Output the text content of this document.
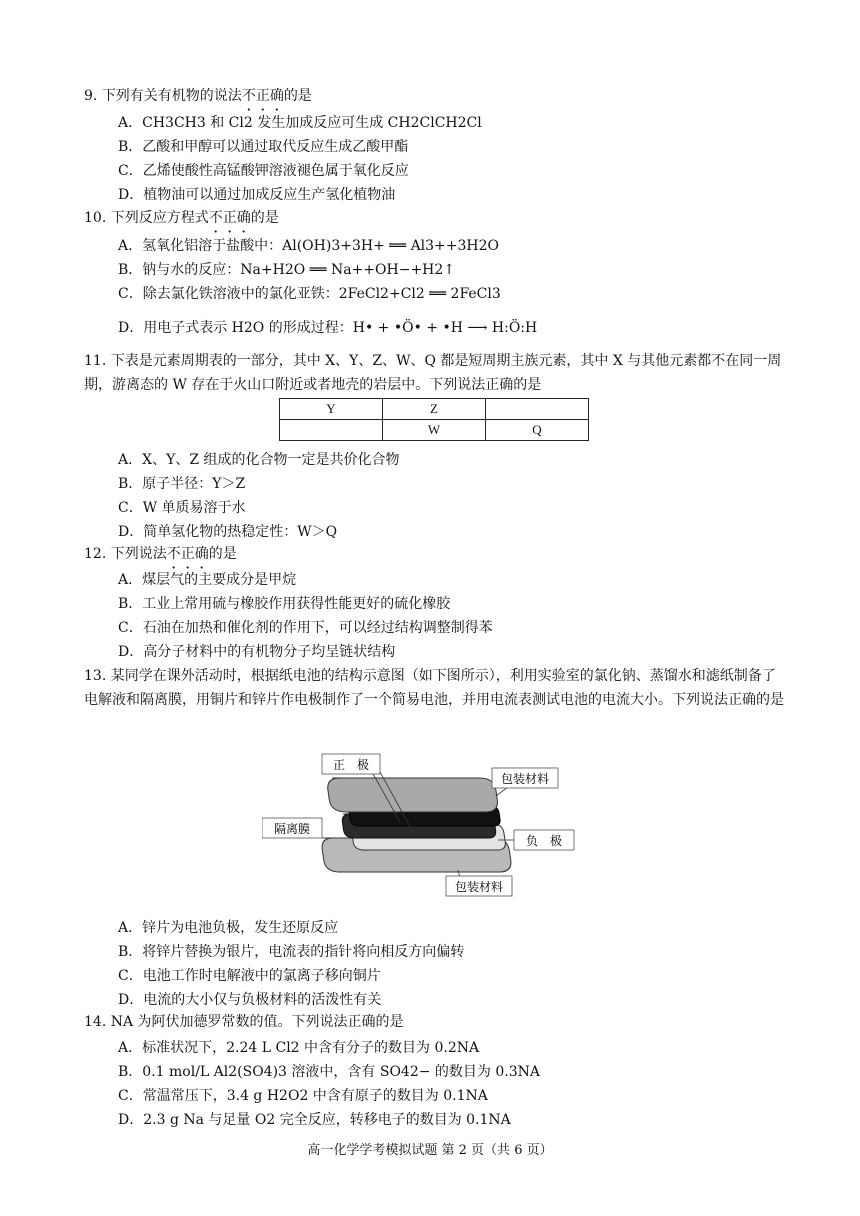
9. 下列有关有机物的说法不正确的是
A．CH3CH3 和 Cl2 发生加成反应可生成 CH2ClCH2Cl
B．乙酸和甲醇可以通过取代反应生成乙酸甲酯
C．乙烯使酸性高锰酸钾溶液褪色属于氧化反应
D．植物油可以通过加成反应生产氢化植物油
10. 下列反应方程式不正确的是
A．氢氧化铝溶于盐酸中：Al(OH)3+3H+ ══ Al3++3H2O
B．钠与水的反应：Na+H2O ══ Na++OH−+H2↑
C．除去氯化铁溶液中的氯化亚铁：2FeCl2+Cl2 ══ 2FeCl3
D．用电子式表示 H2O 的形成过程：H• + •Ö• + •H ⟶ H:Ö:H
11. 下表是元素周期表的一部分，其中 X、Y、Z、W、Q 都是短周期主族元素，其中 X 与其他元素都不在同一周期，游离态的 W 存在于火山口附近或者地壳的岩层中。下列说法正确的是
Y	Z	
	W	Q
A．X、Y、Z 组成的化合物一定是共价化合物
B．原子半径：Y＞Z
C．W 单质易溶于水
D．简单氢化物的热稳定性：W＞Q
12. 下列说法不正确的是
A．煤层气的主要成分是甲烷
B．工业上常用硫与橡胶作用获得性能更好的硫化橡胶
C．石油在加热和催化剂的作用下，可以经过结构调整制得苯
D．高分子材料中的有机物分子均呈链状结构
13. 某同学在课外活动时，根据纸电池的结构示意图（如下图所示），利用实验室的氯化钠、蒸馏水和滤纸制备了电解液和隔离膜，用铜片和锌片作电极制作了一个简易电池，并用电流表测试电池的电流大小。下列说法正确的是
正　极
包装材料
隔离膜
负　极
包装材料
A．锌片为电池负极，发生还原反应
B．将锌片替换为银片，电流表的指针将向相反方向偏转
C．电池工作时电解液中的氯离子移向铜片
D．电流的大小仅与负极材料的活泼性有关
14. NA 为阿伏加德罗常数的值。下列说法正确的是
A．标准状况下，2.24 L Cl2 中含有分子的数目为 0.2NA
B．0.1 mol/L Al2(SO4)3 溶液中，含有 SO42− 的数目为 0.3NA
C．常温常压下，3.4 g H2O2 中含有原子的数目为 0.1NA
D．2.3 g Na 与足量 O2 完全反应，转移电子的数目为 0.1NA
高一化学学考模拟试题 第 2 页（共 6 页）
